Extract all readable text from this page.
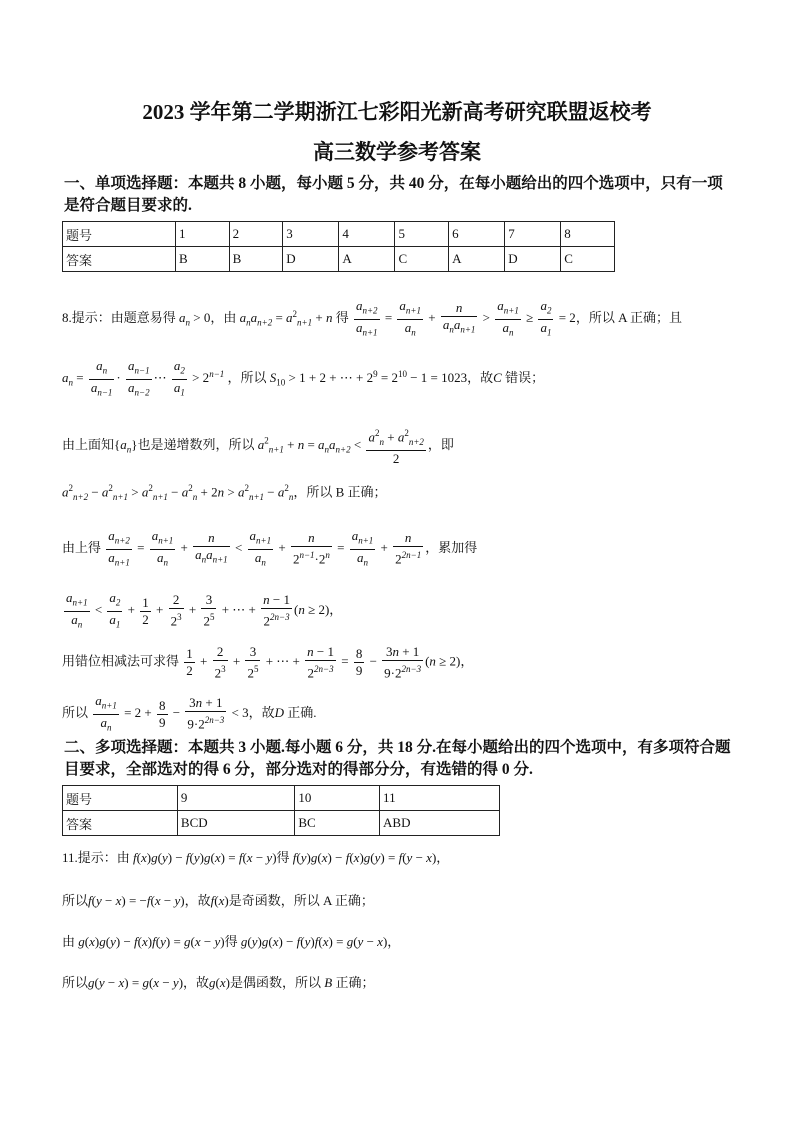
2023 学年第二学期浙江七彩阳光新高考研究联盟返校考
高三数学参考答案
一、单项选择题：本题共 8 小题，每小题 5 分，共 40 分，在每小题给出的四个选项中，只有一项是符合题目要求的.
题号	1	2	3	4	5	6	7	8
答案	B	B	D	A	C	A	D	C
8.提示：由题意易得 $a_n > 0$，由 $a_na_{n+2} = a^2_{n+1} + n$ 得 $\frac{a_{n+2}}{a_{n+1}} = \frac{a_{n+1}}{a_n} + \frac{n}{a_na_{n+1}} > \frac{a_{n+1}}{a_n} \ge \frac{a_2}{a_1} = 2$，所以 A 正确；且
$a_n = \frac{a_n}{a_{n-1}} \cdot \frac{a_{n-1}}{a_{n-2}}$ ⋯ $\frac{a_2}{a_1} > 2^{n-1}$ ，所以 $S_{10} > 1 + 2$ + ⋯ + $2^9 = 2^{10} - 1 = 1023$，故C 错误；
由上面知$\{a_n\}$也是递增数列，所以 $a^2_{n+1} + n = a_na_{n+2} < \frac{a^2_n + a^2_{n+2}}{2}$ ，即
$a^2_{n+2} - a^2_{n+1} > a^2_{n+1} - a^2_n + 2n > a^2_{n+1} - a^2_n$，所以 B 正确；
由上得 $\frac{a_{n+2}}{a_{n+1}} = \frac{a_{n+1}}{a_n} + \frac{n}{a_na_{n+1}} < \frac{a_{n+1}}{a_n} + \frac{n}{2^{n-1}\cdot 2^n} = \frac{a_{n+1}}{a_n} + \frac{n}{2^{2n-1}}$ ，累加得
$\frac{a_{n+1}}{a_n} < \frac{a_2}{a_1} + \frac{1}{2} + \frac{2}{2^3} + \frac{3}{2^5}$ + ⋯ + $\frac{n - 1}{2^{2n-3}} (n \ge 2)$，
用错位相减法可求得 $\frac{1}{2} + \frac{2}{2^3} + \frac{3}{2^5}$ + ⋯ + $\frac{n - 1}{2^{2n-3}} = \frac{8}{9} - \frac{3n + 1}{9\cdot 2^{2n-3}} (n \ge 2)$，
所以 $\frac{a_{n+1}}{a_n} = 2 + \frac{8}{9} - \frac{3n + 1}{9\cdot 2^{2n-3}} < 3$，故D 正确.
二、多项选择题：本题共 3 小题.每小题 6 分，共 18 分.在每小题给出的四个选项中，有多项符合题目要求，全部选对的得 6 分，部分选对的得部分分，有选错的得 0 分.
题号	9	10	11
答案	BCD	BC	ABD
11.提示：由 f(x)g(y) − f(y)g(x) = f(x − y)得 f(y)g(x) − f(x)g(y) = f(y − x)，
所以f(y − x) = −f(x − y)，故f(x)是奇函数，所以 A 正确；
由 g(x)g(y) − f(x)f(y) = g(x − y)得 g(y)g(x) − f(y)f(x) = g(y − x)，
所以g(y − x) = g(x − y)，故g(x)是偶函数，所以 B 正确；
